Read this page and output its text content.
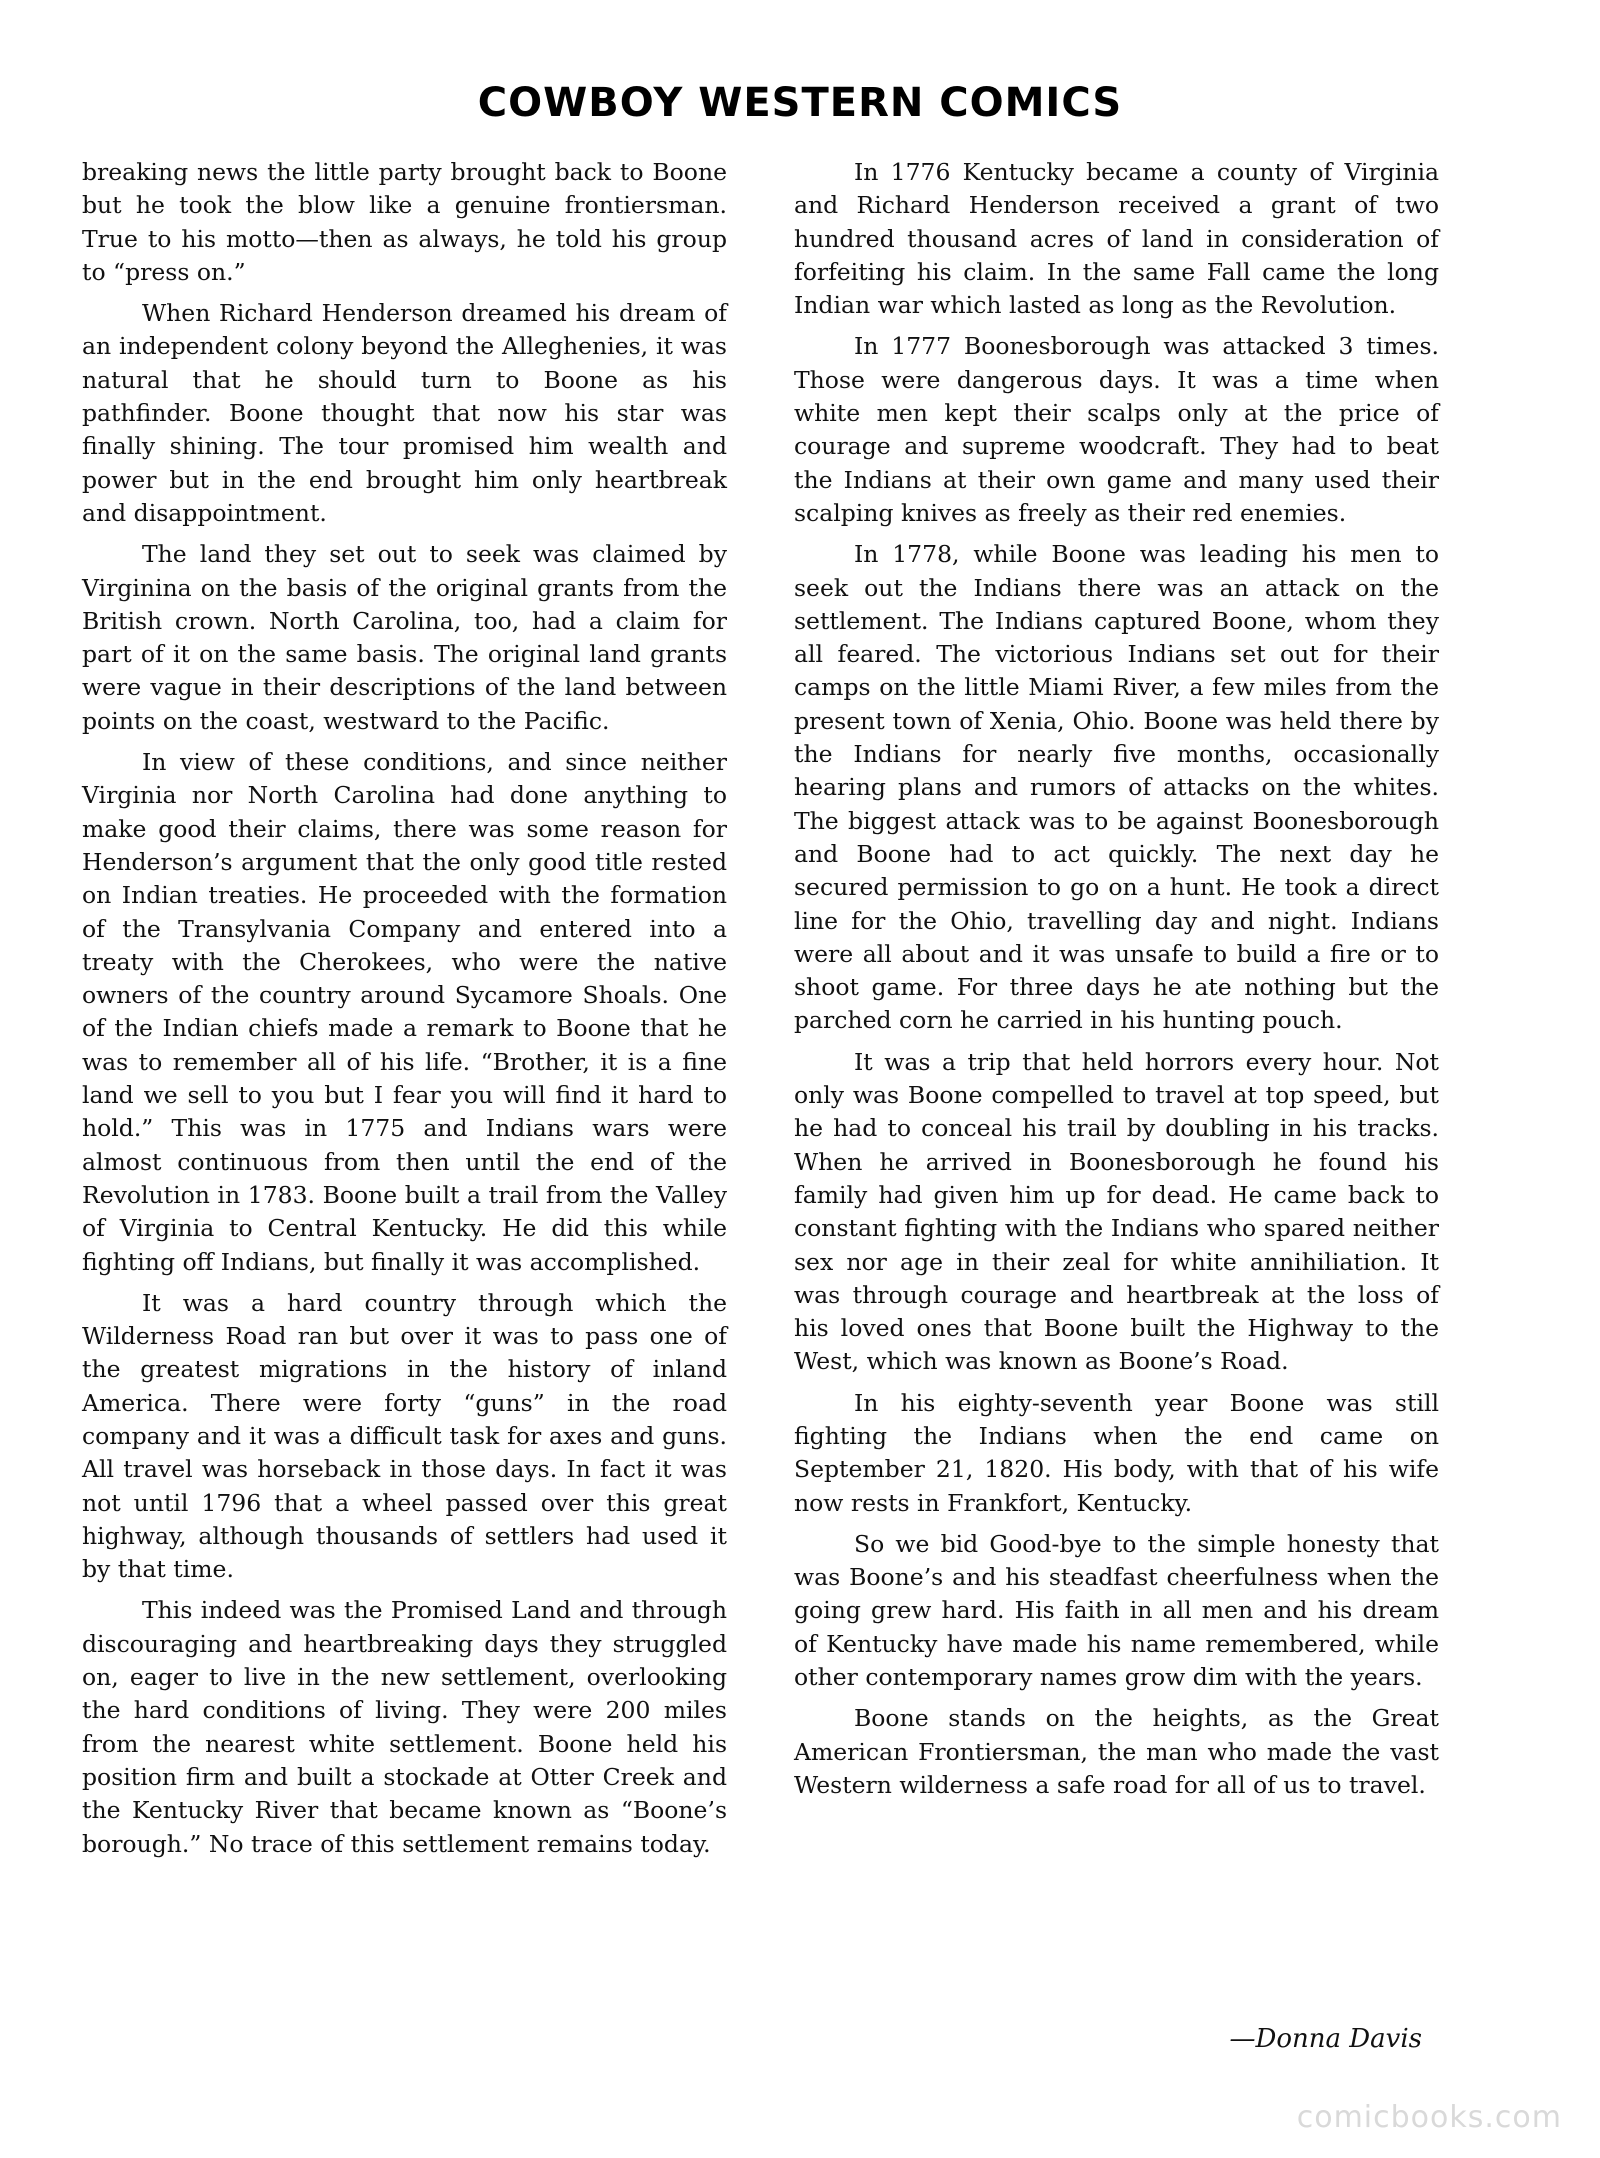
COWBOY WESTERN COMICS

breaking news the little party brought back to Boone but he took the blow like a genuine frontiersman. True to his motto—then as always, he told his group to “press on.”

When Richard Henderson dreamed his dream of an independent colony beyond the Alleghenies, it was natural that he should turn to Boone as his pathfinder. Boone thought that now his star was finally shining. The tour promised him wealth and power but in the end brought him only heartbreak and disappointment.

The land they set out to seek was claimed by Virginina on the basis of the original grants from the British crown. North Carolina, too, had a claim for part of it on the same basis. The original land grants were vague in their descriptions of the land between points on the coast, westward to the Pacific.

In view of these conditions, and since neither Virginia nor North Carolina had done anything to make good their claims, there was some reason for Henderson’s argument that the only good title rested on Indian treaties. He proceeded with the formation of the Transylvania Company and entered into a treaty with the Cherokees, who were the native owners of the country around Sycamore Shoals. One of the Indian chiefs made a remark to Boone that he was to remember all of his life. “Brother, it is a fine land we sell to you but I fear you will find it hard to hold.” This was in 1775 and Indians wars were almost continuous from then until the end of the Revolution in 1783. Boone built a trail from the Valley of Virginia to Central Kentucky. He did this while fighting off Indians, but finally it was accomplished.

It was a hard country through which the Wilderness Road ran but over it was to pass one of the greatest migrations in the history of inland America. There were forty “guns” in the road company and it was a difficult task for axes and guns. All travel was horseback in those days. In fact it was not until 1796 that a wheel passed over this great highway, although thousands of settlers had used it by that time.

This indeed was the Promised Land and through discouraging and heartbreaking days they struggled on, eager to live in the new settlement, overlooking the hard conditions of living. They were 200 miles from the nearest white settlement. Boone held his position firm and built a stockade at Otter Creek and the Kentucky River that became known as “Boone’s borough.” No trace of this settlement remains today.

In 1776 Kentucky became a county of Virginia and Richard Henderson received a grant of two hundred thousand acres of land in consideration of forfeiting his claim. In the same Fall came the long Indian war which lasted as long as the Revolution.

In 1777 Boonesborough was attacked 3 times. Those were dangerous days. It was a time when white men kept their scalps only at the price of courage and supreme woodcraft. They had to beat the Indians at their own game and many used their scalping knives as freely as their red enemies.

In 1778, while Boone was leading his men to seek out the Indians there was an attack on the settlement. The Indians captured Boone, whom they all feared. The victorious Indians set out for their camps on the little Miami River, a few miles from the present town of Xenia, Ohio. Boone was held there by the Indians for nearly five months, occasionally hearing plans and rumors of attacks on the whites. The biggest attack was to be against Boonesborough and Boone had to act quickly. The next day he secured permission to go on a hunt. He took a direct line for the Ohio, travelling day and night. Indians were all about and it was unsafe to build a fire or to shoot game. For three days he ate nothing but the parched corn he carried in his hunting pouch.

It was a trip that held horrors every hour. Not only was Boone compelled to travel at top speed, but he had to conceal his trail by doubling in his tracks. When he arrived in Boonesborough he found his family had given him up for dead. He came back to constant fighting with the Indians who spared neither sex nor age in their zeal for white annihiliation. It was through courage and heartbreak at the loss of his loved ones that Boone built the Highway to the West, which was known as Boone’s Road.

In his eighty-seventh year Boone was still fighting the Indians when the end came on September 21, 1820. His body, with that of his wife now rests in Frankfort, Kentucky.

So we bid Good-bye to the simple honesty that was Boone’s and his steadfast cheerfulness when the going grew hard. His faith in all men and his dream of Kentucky have made his name remembered, while other contemporary names grow dim with the years.

Boone stands on the heights, as the Great American Frontiersman, the man who made the vast Western wilderness a safe road for all of us to travel.

—Donna Davis
comicbooks.com
